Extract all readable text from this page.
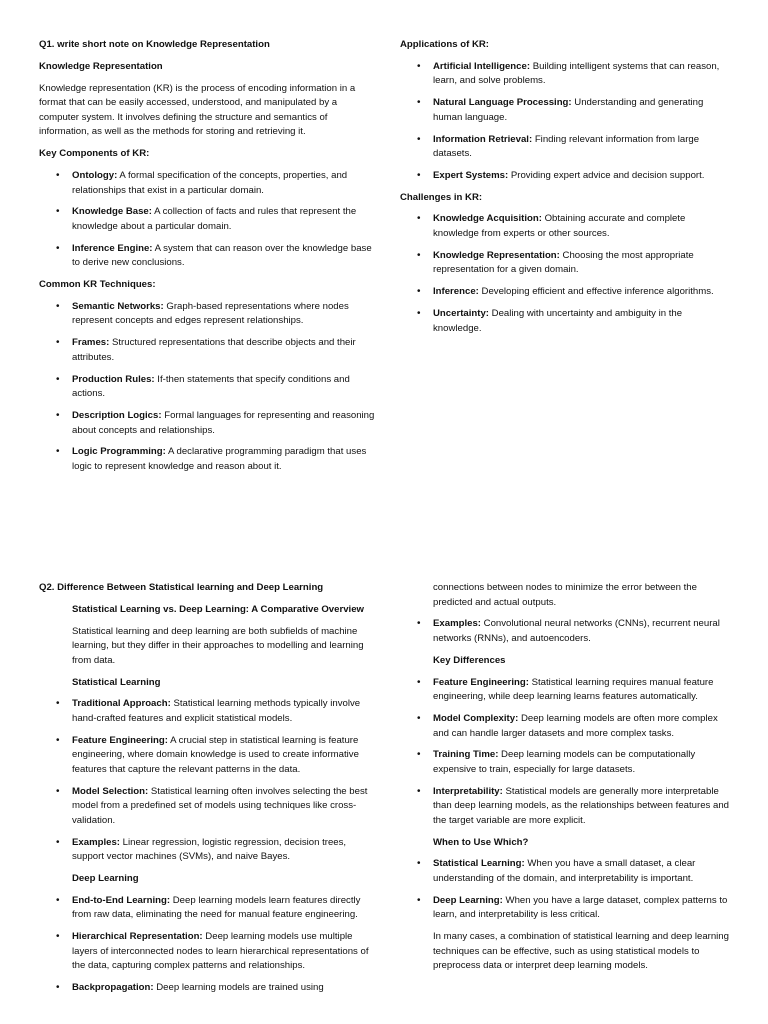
Q1. write short note on Knowledge Representation

Knowledge Representation

Knowledge representation (KR) is the process of encoding information in a format that can be easily accessed, understood, and manipulated by a computer system. It involves defining the structure and semantics of information, as well as the methods for storing and retrieving it.

Key Components of KR:

• Ontology: A formal specification of the concepts, properties, and relationships that exist in a particular domain.
• Knowledge Base: A collection of facts and rules that represent the knowledge about a particular domain.
• Inference Engine: A system that can reason over the knowledge base to derive new conclusions.

Common KR Techniques:

• Semantic Networks: Graph-based representations where nodes represent concepts and edges represent relationships.
• Frames: Structured representations that describe objects and their attributes.
• Production Rules: If-then statements that specify conditions and actions.
• Description Logics: Formal languages for representing and reasoning about concepts and relationships.
• Logic Programming: A declarative programming paradigm that uses logic to represent knowledge and reason about it.

Applications of KR:

• Artificial Intelligence: Building intelligent systems that can reason, learn, and solve problems.
• Natural Language Processing: Understanding and generating human language.
• Information Retrieval: Finding relevant information from large datasets.
• Expert Systems: Providing expert advice and decision support.

Challenges in KR:

• Knowledge Acquisition: Obtaining accurate and complete knowledge from experts or other sources.
• Knowledge Representation: Choosing the most appropriate representation for a given domain.
• Inference: Developing efficient and effective inference algorithms.
• Uncertainty: Dealing with uncertainty and ambiguity in the knowledge.

Q2. Difference Between Statistical learning and Deep Learning

Statistical Learning vs. Deep Learning: A Comparative Overview

Statistical learning and deep learning are both subfields of machine learning, but they differ in their approaches to modelling and learning from data.

Statistical Learning

• Traditional Approach: Statistical learning methods typically involve hand-crafted features and explicit statistical models.
• Feature Engineering: A crucial step in statistical learning is feature engineering, where domain knowledge is used to create informative features that capture the relevant patterns in the data.
• Model Selection: Statistical learning often involves selecting the best model from a predefined set of models using techniques like cross-validation.
• Examples: Linear regression, logistic regression, decision trees, support vector machines (SVMs), and naive Bayes.

Deep Learning

• End-to-End Learning: Deep learning models learn features directly from raw data, eliminating the need for manual feature engineering.
• Hierarchical Representation: Deep learning models use multiple layers of interconnected nodes to learn hierarchical representations of the data, capturing complex patterns and relationships.
• Backpropagation: Deep learning models are trained using

connections between nodes to minimize the error between the predicted and actual outputs.

• Examples: Convolutional neural networks (CNNs), recurrent neural networks (RNNs), and autoencoders.

Key Differences

• Feature Engineering: Statistical learning requires manual feature engineering, while deep learning learns features automatically.
• Model Complexity: Deep learning models are often more complex and can handle larger datasets and more complex tasks.
• Training Time: Deep learning models can be computationally expensive to train, especially for large datasets.
• Interpretability: Statistical models are generally more interpretable than deep learning models, as the relationships between features and the target variable are more explicit.

When to Use Which?

• Statistical Learning: When you have a small dataset, a clear understanding of the domain, and interpretability is important.
• Deep Learning: When you have a large dataset, complex patterns to learn, and interpretability is less critical.

In many cases, a combination of statistical learning and deep learning techniques can be effective, such as using statistical models to preprocess data or interpret deep learning models.
